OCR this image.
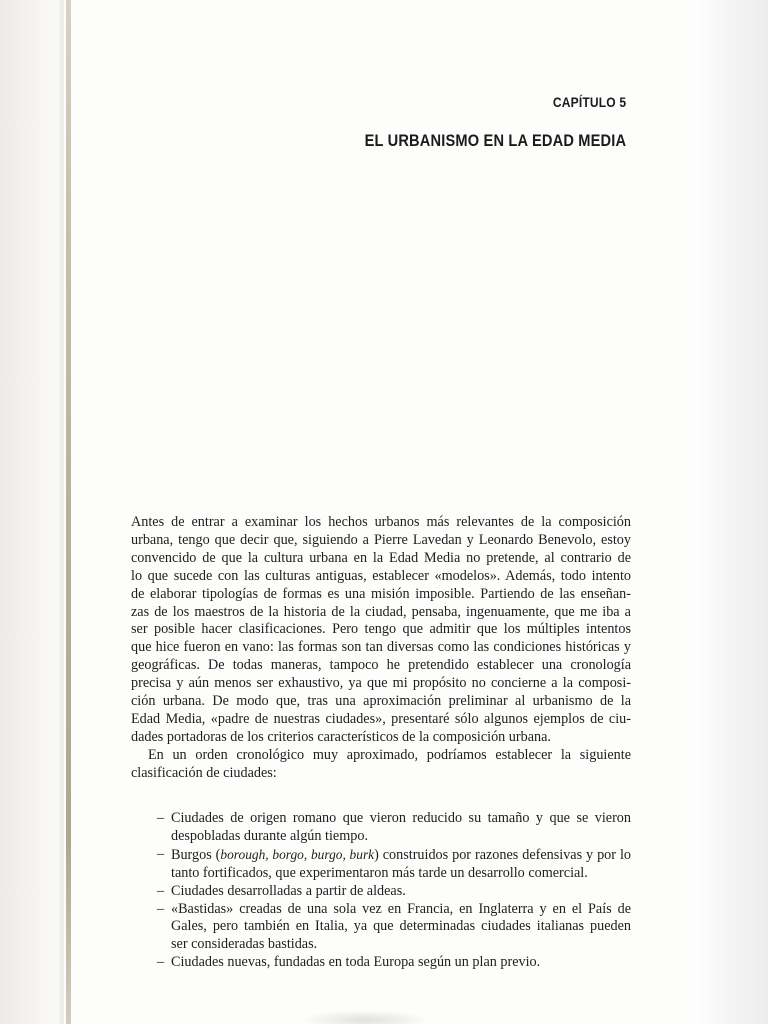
CAPÍTULO 5
EL URBANISMO EN LA EDAD MEDIA
Antes de entrar a examinar los hechos urbanos más relevantes de la composición
urbana, tengo que decir que, siguiendo a Pierre Lavedan y Leonardo Benevolo, estoy
convencido de que la cultura urbana en la Edad Media no pretende, al contrario de
lo que sucede con las culturas antiguas, establecer «modelos». Además, todo intento
de elaborar tipologías de formas es una misión imposible. Partiendo de las enseñan-
zas de los maestros de la historia de la ciudad, pensaba, ingenuamente, que me iba a
ser posible hacer clasificaciones. Pero tengo que admitir que los múltiples intentos
que hice fueron en vano: las formas son tan diversas como las condiciones históricas y
geográficas. De todas maneras, tampoco he pretendido establecer una cronología
precisa y aún menos ser exhaustivo, ya que mi propósito no concierne a la composi-
ción urbana. De modo que, tras una aproximación preliminar al urbanismo de la
Edad Media, «padre de nuestras ciudades», presentaré sólo algunos ejemplos de ciu-
dades portadoras de los criterios característicos de la composición urbana.
En un orden cronológico muy aproximado, podríamos establecer la siguiente
clasificación de ciudades:
– Ciudades de origen romano que vieron reducido su tamaño y que se vieron
despobladas durante algún tiempo.
– Burgos (borough, borgo, burgo, burk) construidos por razones defensivas y por lo
tanto fortificados, que experimentaron más tarde un desarrollo comercial.
– Ciudades desarrolladas a partir de aldeas.
– «Bastidas» creadas de una sola vez en Francia, en Inglaterra y en el País de
Gales, pero también en Italia, ya que determinadas ciudades italianas pueden
ser consideradas bastidas.
– Ciudades nuevas, fundadas en toda Europa según un plan previo.
